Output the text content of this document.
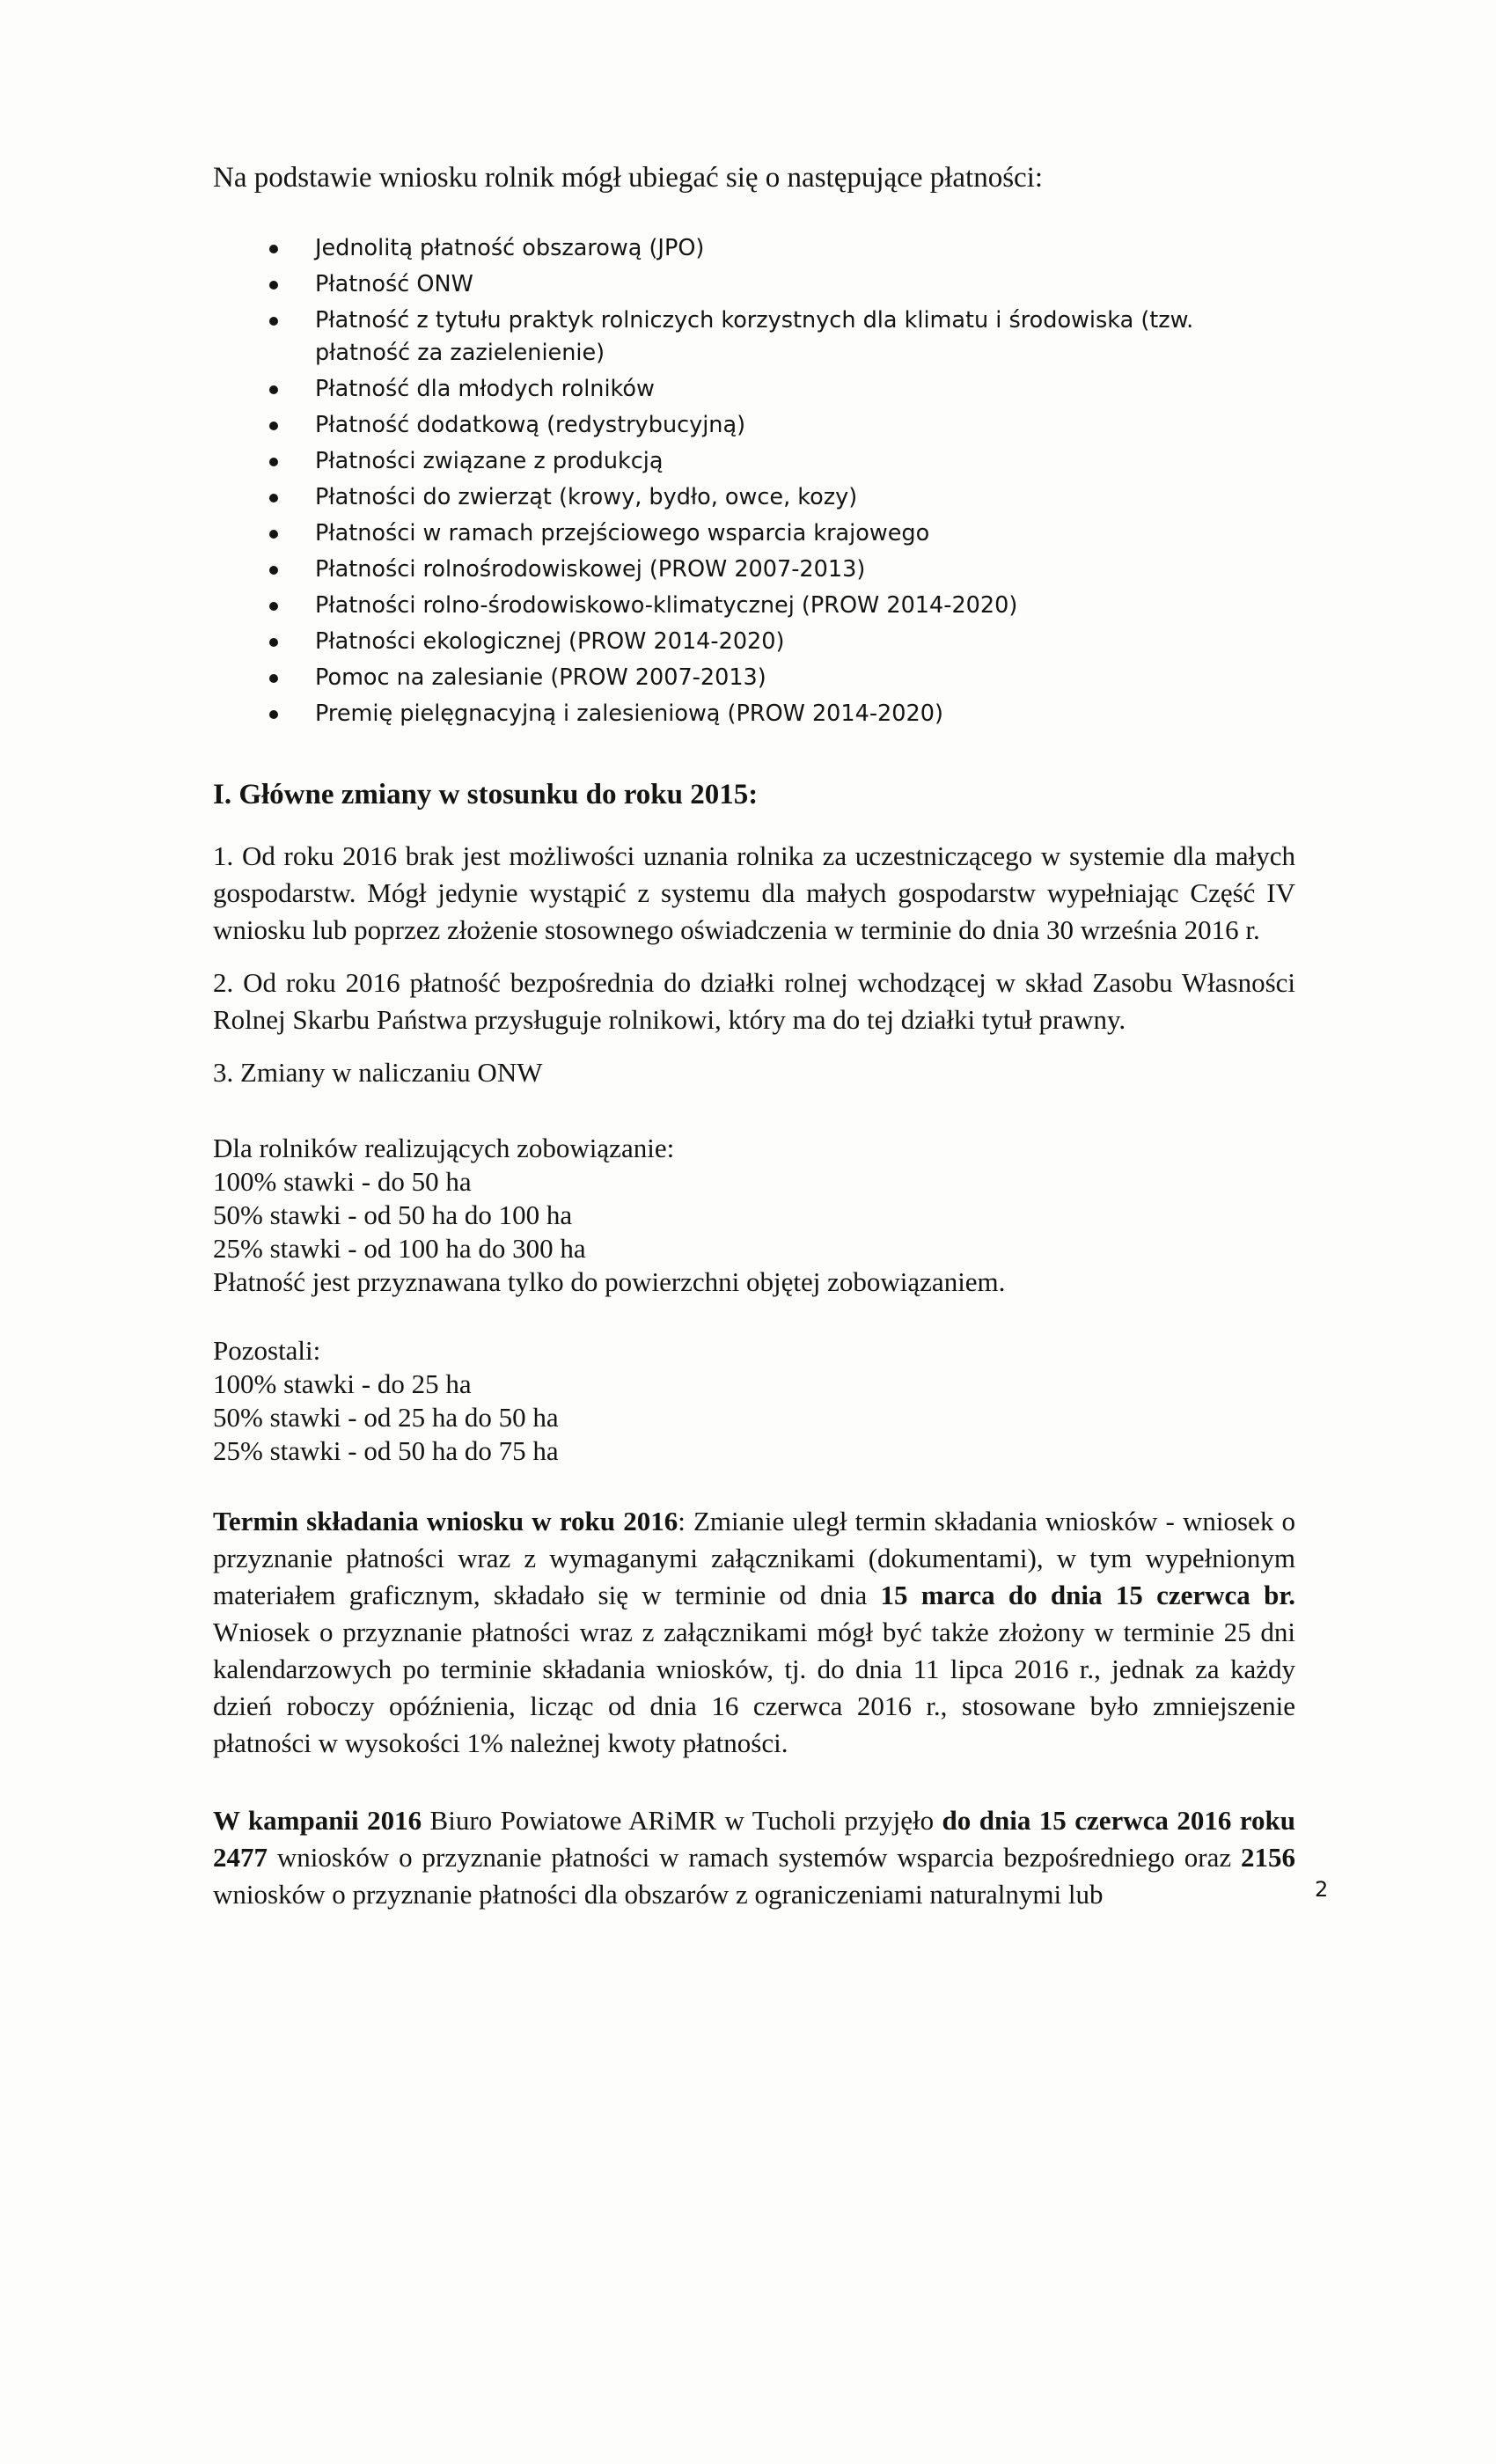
Na podstawie wniosku rolnik mógł ubiegać się o następujące płatności:

Jednolitą płatność obszarową (JPO)
Płatność ONW
Płatność z tytułu praktyk rolniczych korzystnych dla klimatu i środowiska (tzw. płatność za zazielenienie)
Płatność dla młodych rolników
Płatność dodatkową (redystrybucyjną)
Płatności związane z produkcją
Płatności do zwierząt (krowy, bydło, owce, kozy)
Płatności w ramach przejściowego wsparcia krajowego
Płatności rolnośrodowiskowej (PROW 2007-2013)
Płatności rolno-środowiskowo-klimatycznej (PROW 2014-2020)
Płatności ekologicznej (PROW 2014-2020)
Pomoc na zalesianie (PROW 2007-2013)
Premię pielęgnacyjną i zalesieniową (PROW 2014-2020)
I. Główne zmiany w stosunku do roku 2015:

1. Od roku 2016 brak jest możliwości uznania rolnika za uczestniczącego w systemie dla małych gospodarstw. Mógł jedynie wystąpić z systemu dla małych gospodarstw wypełniając Część IV wniosku lub poprzez złożenie stosownego oświadczenia w terminie do dnia 30 września 2016 r.

2. Od roku 2016 płatność bezpośrednia do działki rolnej wchodzącej w skład Zasobu Własności Rolnej Skarbu Państwa przysługuje rolnikowi, który ma do tej działki tytuł prawny.

3. Zmiany w naliczaniu ONW

Dla rolników realizujących zobowiązanie:
100% stawki - do 50 ha
50% stawki - od 50 ha do 100 ha
25% stawki - od 100 ha do 300 ha
Płatność jest przyznawana tylko do powierzchni objętej zobowiązaniem.
Pozostali:
100% stawki - do 25 ha
50% stawki - od 25 ha do 50 ha
25% stawki - od 50 ha do 75 ha

Termin składania wniosku w roku 2016: Zmianie uległ termin składania wniosków - wniosek o przyznanie płatności wraz z wymaganymi załącznikami (dokumentami), w tym wypełnionym materiałem graficznym, składało się w terminie od dnia 15 marca do dnia 15 czerwca br. Wniosek o przyznanie płatności wraz z załącznikami mógł być także złożony w terminie 25 dni kalendarzowych po terminie składania wniosków, tj. do dnia 11 lipca 2016 r., jednak za każdy dzień roboczy opóźnienia, licząc od dnia 16 czerwca 2016 r., stosowane było zmniejszenie płatności w wysokości 1% należnej kwoty płatności.

W kampanii 2016 Biuro Powiatowe ARiMR w Tucholi przyjęło do dnia 15 czerwca 2016 roku 2477 wniosków o przyznanie płatności w ramach systemów wsparcia bezpośredniego oraz 2156 wniosków o przyznanie płatności dla obszarów z ograniczeniami naturalnymi lub	2
